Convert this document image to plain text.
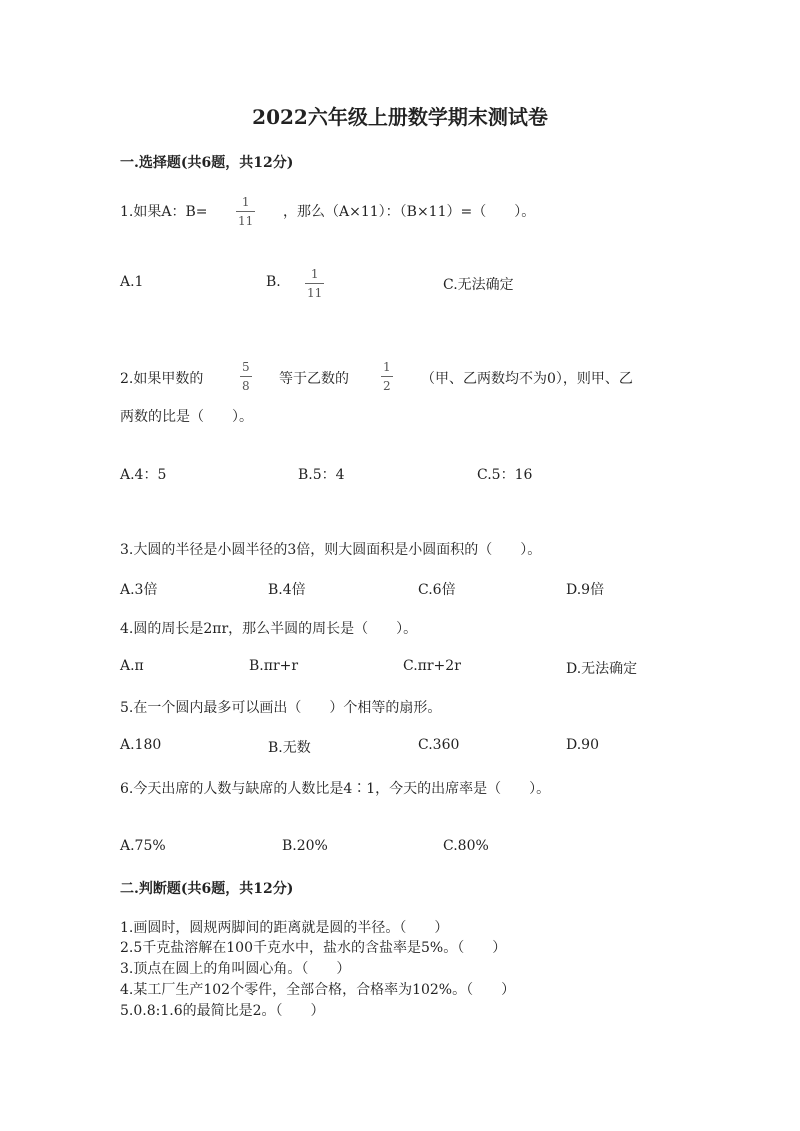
2022六年级上册数学期末测试卷
一.选择题(共6题，共12分)
1.如果A：$B= \frac{1}{11}$ ，那么（A×11）：（B×11）=（　　）。
A.1	B. $\frac{1}{11}$	C.无法确定
2.如果甲数的	$\frac{5}{8}$ 等于乙数的	$\frac{1}{2}$ （甲、乙两数均不为0），则甲、乙
两数的比是（　　）。
A.4：5	B.5：4	C.5：16
3.大圆的半径是小圆半径的3倍，则大圆面积是小圆面积的（　　）。
A.3倍	B.4倍	C.6倍	D.9倍
4.圆的周长是2πr，那么半圆的周长是（　　）。
A.π	B.πr+r	C.πr+2r	D.无法确定
5.在一个圆内最多可以画出（　　）个相等的扇形。
A.180	B.无数	C.360	D.90
6.今天出席的人数与缺席的人数比是4∶1，今天的出席率是（　　）。
A.75%	B.20%	C.80%
二.判断题(共6题，共12分)
1.画圆时，圆规两脚间的距离就是圆的半径。（　　）
2.5千克盐溶解在100千克水中，盐水的含盐率是5%。（　　）
3.顶点在圆上的角叫圆心角。（　　）
4.某工厂生产102个零件，全部合格，合格率为102%。（　　）
5.0.8:1.6的最简比是2。（　　）
